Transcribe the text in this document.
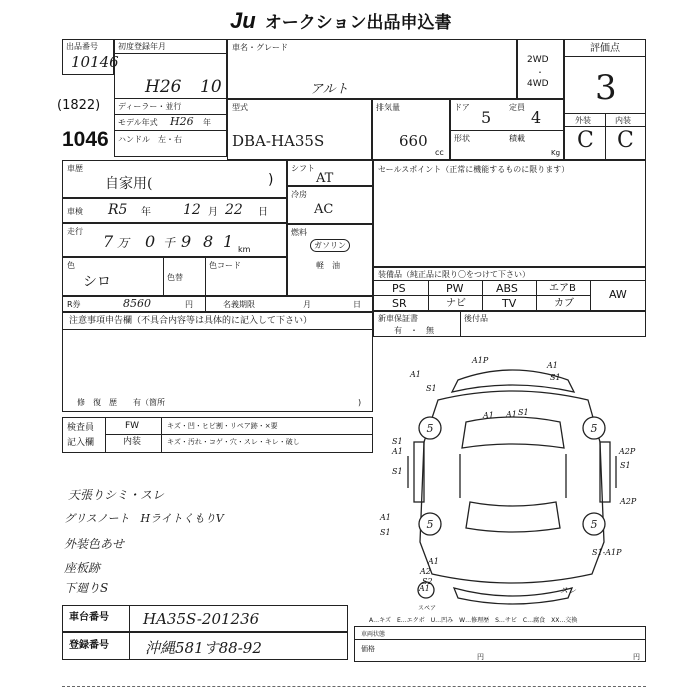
Ju オークション出品申込書
出品番号
10146
(1822)
1046
初度登録年月
H26 10
ディーラー・並行
モデル年式 H26 年
ハンドル　左・右
車名・グレード
アルト
2WD
・
4WD
評価点
3
外装	内装
C C
型式
DBA-HA35S
排気量
660
cc
ドア
5
定員
4
形状	積載
Kg
車歴
自家用(	)
車検 R5 年 12 月 22 日
走行
7 万 0 千 9 8 1 km
色
シロ	色替
色コード
シフト
AT
冷房
AC
燃料
ガソリン
軽　油
セールスポイント（正常に機能するものに限ります）
装備品（純正品に限り〇をつけて下さい）
PS	PW	ABS	エアB	AW
SR	ナビ	TV	カブ
新車保証書
有　・　無
後付品
R券	8560	円	名義期限	月	日
注意事項申告欄（不具合内容等は具体的に記入して下さい）
修　復　歴　　有（箇所	)
検査員
記入欄
FW	キズ・凹・ヒビ割・リペア跡・×要
内装	キズ・汚れ・コゲ・穴・スレ・キレ・破し
天張りシミ・スレ
グリスノート　HライトくもりV
外装色あせ
座板跡
下廻りS
車台番号 HA35S-201236
登録番号 沖縄581す88-92
5	5
5	5
A1
S1
A1P
A1
S1
A1
A2P
S1
A2P
S1
A1
S1
A1
S1
A1 S1
A1
A2
S2
S1-A1P
スレ
A1
スペア
A…キズ　E…エクボ　U…凹み　W…修理歴　S…サビ　C…腐食　XX…交換
車両状態
価格
円	円
